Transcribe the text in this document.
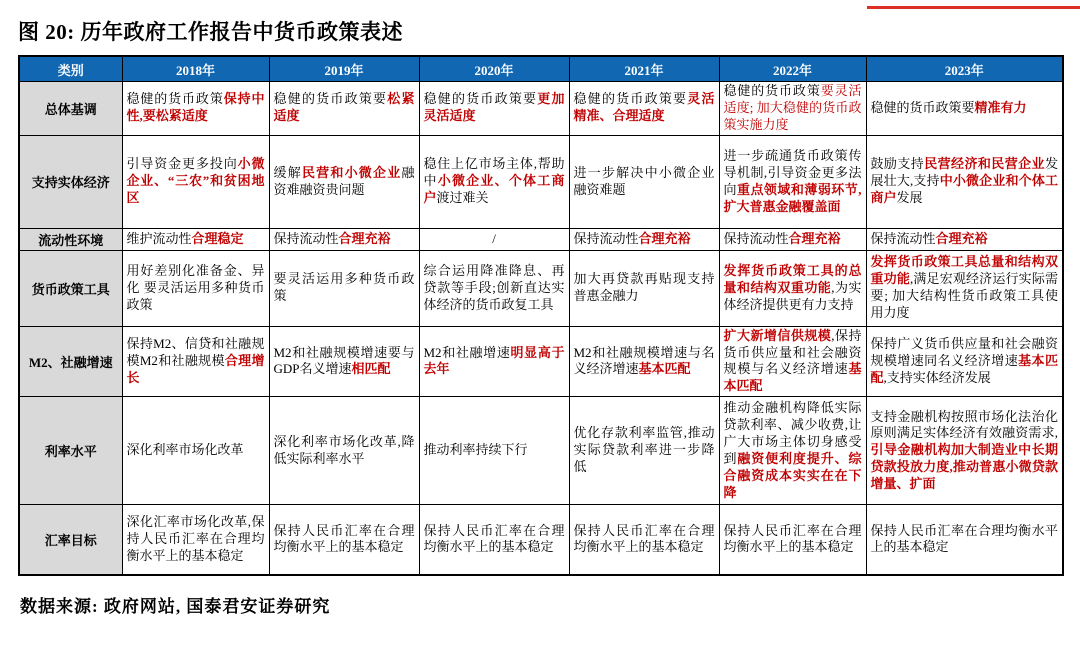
图 20: 历年政府工作报告中货币政策表述
类别	2018年	2019年	2020年	2021年	2022年	2023年
总体基调	稳健的货币政策保持中性,要松紧适度	稳健的货币政策要松紧适度	稳健的货币政策要更加灵活适度	稳健的货币政策要灵活精准、合理适度	稳健的货币政策要灵活适度; 加大稳健的货币政策实施力度	稳健的货币政策要精准有力
支持实体经济	引导资金更多投向小微企业、“三农”和贫困地区	缓解民营和小微企业融资难融资贵问题	稳住上亿市场主体,帮助中小微企业、个体工商户渡过难关	进一步解决中小微企业融资难题	进一步疏通货币政策传导机制,引导资金更多法向重点领域和薄弱环节,扩大普惠金融覆盖面	鼓励支持民营经济和民营企业发展壮大,支持中小微企业和个体工商户发展
流动性环境	维护流动性合理稳定	保持流动性合理充裕	/	保持流动性合理充裕	保持流动性合理充裕	保持流动性合理充裕
货币政策工具	用好差别化准备金、异化 要灵活运用多种货币政策	要灵活运用多种货币政策	综合运用降准降息、再贷款等手段;创新直达实体经济的货币政复工具	加大再贷款再贴现支持普惠金融力	发挥货币政策工具的总量和结构双重功能,为实体经济提供更有力支持	发挥货币政策工具总量和结构双重功能,满足宏观经济运行实际需要; 加大结构性货币政策工具使用力度
M2、社融增速	保持M2、信贷和社融规模M2和社融规模合理增长	M2和社融规模增速要与GDP名义增速相匹配	M2和社融增速明显高于去年	M2和社融规模增速与名义经济增速基本匹配	扩大新增信供规模,保持货币供应量和社会融资规模与名义经济增速基本匹配	保持广义货币供应量和社会融资规模增速同名义经济增速基本匹配,支持实体经济发展
利率水平	深化利率市场化改革	深化利率市场化改革,降低实际利率水平	推动利率持续下行	优化存款利率监管,推动实际贷款利率进一步降低	推动金融机构降低实际贷款利率、减少收费,让广大市场主体切身感受到融资便利度提升、综合融资成本实实在在下降	支持金融机构按照市场化法治化原则满足实体经济有效融资需求,引导金融机构加大制造业中长期贷款投放力度,推动普惠小微贷款增量、扩面
汇率目标	深化汇率市场化改革,保持人民币汇率在合理均衡水平上的基本稳定	保持人民币汇率在合理均衡水平上的基本稳定	保持人民币汇率在合理均衡水平上的基本稳定	保持人民币汇率在合理均衡水平上的基本稳定	保持人民币汇率在合理均衡水平上的基本稳定	保持人民币汇率在合理均衡水平上的基本稳定

数据来源: 政府网站, 国泰君安证券研究
